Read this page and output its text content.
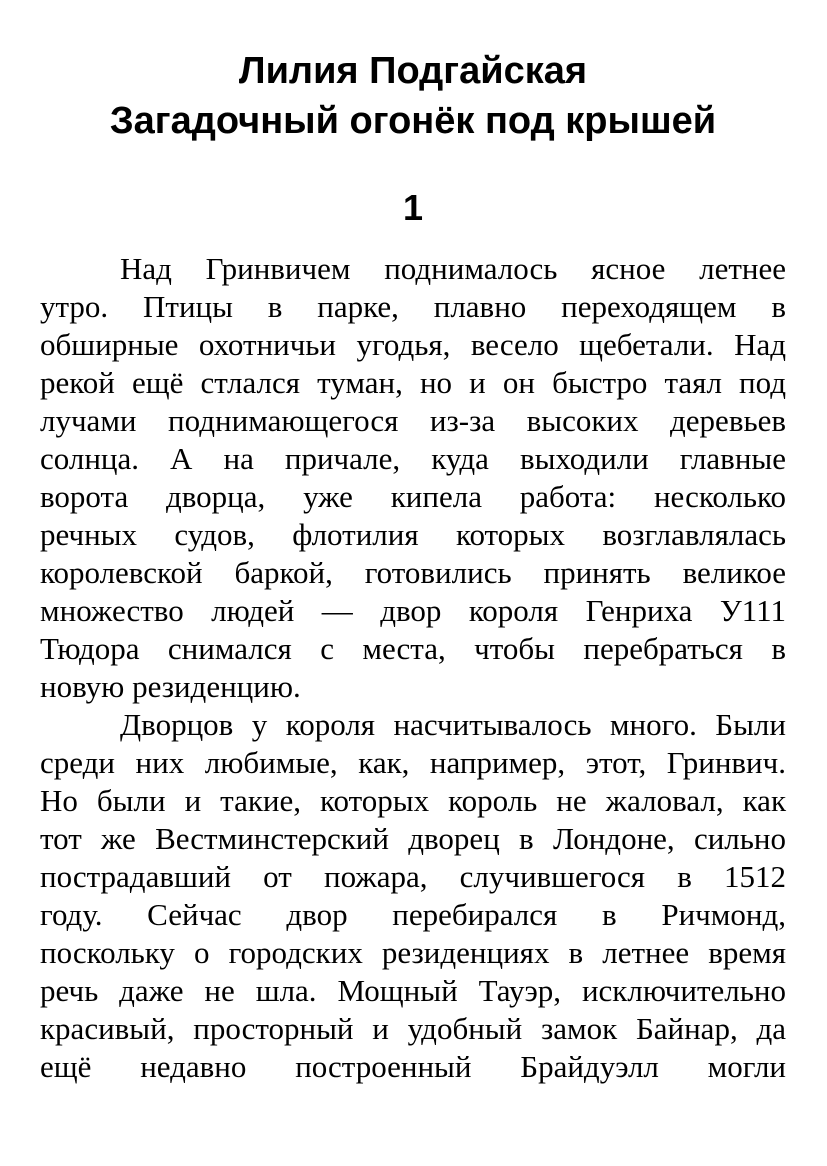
Лилия Подгайская
Загадочный огонёк под крышей
1

Над Гринвичем поднималось ясное летнее
утро. Птицы в парке, плавно переходящем в
обширные охотничьи угодья, весело щебетали. Над
рекой ещё стлался туман, но и он быстро таял под
лучами поднимающегося из-за высоких деревьев
солнца. А на причале, куда выходили главные
ворота дворца, уже кипела работа: несколько
речных судов, флотилия которых возглавлялась
королевской баркой, готовились принять великое
множество людей — двор короля Генриха У111
Тюдора снимался с места, чтобы перебраться в
новую резиденцию.

Дворцов у короля насчитывалось много. Были
среди них любимые, как, например, этот, Гринвич.
Но были и такие, которых король не жаловал, как
тот же Вестминстерский дворец в Лондоне, сильно
пострадавший от пожара, случившегося в 1512
году. Сейчас двор перебирался в Ричмонд,
поскольку о городских резиденциях в летнее время
речь даже не шла. Мощный Тауэр, исключительно
красивый, просторный и удобный замок Байнар, да
ещё недавно построенный Брайдуэлл могли
